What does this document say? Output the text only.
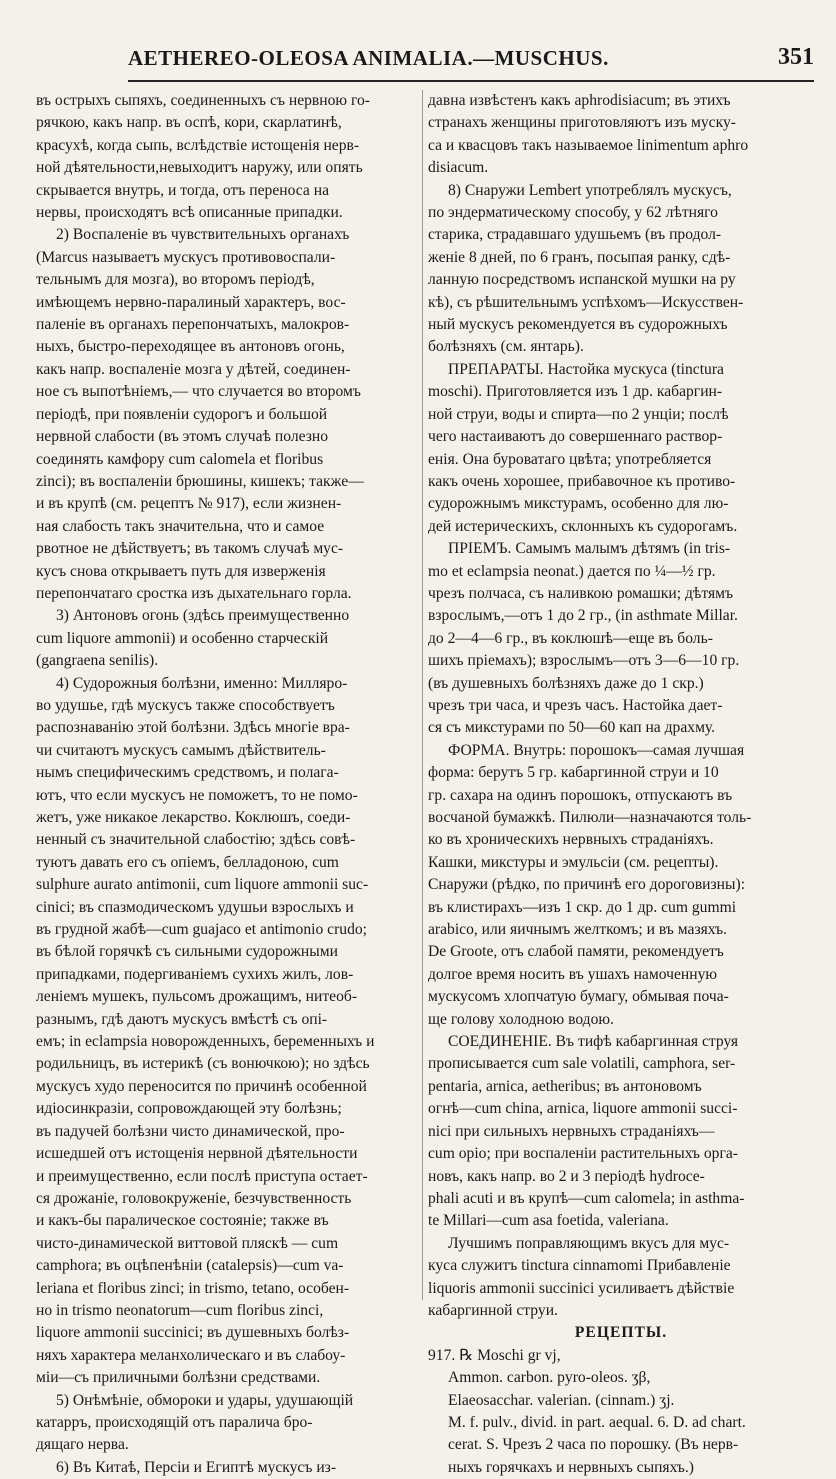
AETHEREO-OLEOSA ANIMALIA.—MUSCHUS.	351
въ острыхъ сыпяхъ, соединенныхъ съ нервною го-
рячкою, какъ напр. въ оспѣ, кори, скарлатинѣ,
красухѣ, когда сыпь, вслѣдствіе истощенія нерв-
ной дѣятельности,невыходитъ наружу, или опять
скрывается внутрь, и тогда, отъ переноса на
нервы, происходятъ всѣ описанные припадки.
2) Воспаленіе въ чувствительныхъ органахъ
(Marcus называетъ мускусъ противовоспали-
тельнымъ для мозга), во второмъ періодѣ,
имѣющемъ нервно-паралиный характеръ, вос-
паленіе въ органахъ перепончатыхъ, малокров-
ныхъ, быстро-переходящее въ антоновъ огонь,
какъ напр. воспаленіе мозга у дѣтей, соединен-
ное съ выпотѣніемъ,— что случается во второмъ
періодѣ, при появленіи судорогъ и большой
нервной слабости (въ этомъ случаѣ полезно
соединять камфору cum calomela et floribus
zinci); въ воспаленіи брюшины, кишекъ; также—
и въ крупѣ (см. рецептъ № 917), если жизнен-
ная слабость такъ значительна, что и самое
рвотное не дѣйствуетъ; въ такомъ случаѣ мус-
кусъ снова открываетъ путь для изверженія
перепончатаго сростка изъ дыхательнаго горла.
3) Антоновъ огонь (здѣсь преимущественно
cum liquore ammonii) и особенно старческій
(gangraena senilis).
4) Судорожныя болѣзни, именно: Милляро-
во удушье, гдѣ мускусъ также способствуетъ
распознаванію этой болѣзни. Здѣсь многіе вра-
чи считаютъ мускусъ самымъ дѣйствитель-
нымъ специфическимъ средствомъ, и полага-
ютъ, что если мускусъ не поможетъ, то не помо-
жетъ, уже никакое лекарство. Коклюшъ, соеди-
ненный съ значительной слабостію; здѣсь совѣ-
туютъ давать его съ опіемъ, белладоною, cum
sulphure aurato antimonii, cum liquore ammonii suc-
cinici; въ спазмодическомъ удушьи взрослыхъ и
въ грудной жабѣ—cum guajaco et antimonio crudo;
въ бѣлой горячкѣ съ сильными судорожными
припадками, подергиваніемъ сухихъ жилъ, лов-
леніемъ мушекъ, пульсомъ дрожащимъ, нитеоб-
разнымъ, гдѣ даютъ мускусъ вмѣстѣ съ опі-
емъ; in eclampsia новорожденныхъ, беременныхъ и
родильницъ, въ истерикѣ (съ вонючкою); но здѣсь
мускусъ худо переносится по причинѣ особенной
идіосинкразіи, сопровождающей эту болѣзнь;
въ падучей болѣзни чисто динамической, про-
исшедшей отъ истощенія нервной дѣятельности
и преимущественно, если послѣ приступа остает-
ся дрожаніе, головокруженіе, безчувственность
и какъ-бы паралическое состояніе; также въ
чисто-динамической виттовой пляскѣ — cum
camphora; въ оцѣпенѣніи (catalepsis)—cum va-
leriana et floribus zinci; in trismo, tetano, особен-
но in trismo neonatorum—cum floribus zinci,
liquore ammonii succinici; въ душевныхъ болѣз-
няхъ характера меланхолическаго и въ слабоу-
міи—съ приличными болѣзни средствами.
5) Онѣмѣніе, обмороки и удары, удушающій
катарръ, происходящій отъ паралича бро-
дящаго нерва.
6) Въ Китаѣ, Персіи и Египтѣ мускусъ из-
давна извѣстенъ какъ aphrodisiacum; въ этихъ
странахъ женщины приготовляютъ изъ муску-
са и квасцовъ такъ называемое linimentum aphro
disiacum.
8) Снаружи Lembert употреблялъ мускусъ,
по эндерматическому способу, у 62 лѣтняго
старика, страдавшаго удушьемъ (въ продол-
женіе 8 дней, по 6 гранъ, посыпая ранку, сдѣ-
ланную посредствомъ испанской мушки на ру
кѣ), съ рѣшительнымъ успѣхомъ—Искусствен-
ный мускусъ рекомендуется въ судорожныхъ
болѣзняхъ (см. янтарь).
ПРЕПАРАТЫ. Настойка мускуса (tinctura
moschi). Приготовляется изъ 1 др. кабаргин-
ной струи, воды и спирта—по 2 унціи; послѣ
чего настаиваютъ до совершеннаго раствор-
енія. Она буроватаго цвѣта; употребляется
какъ очень хорошее, прибавочное къ противо-
судорожнымъ микстурамъ, особенно для лю-
дей истерическихъ, склонныхъ къ судорогамъ.
ПРІЕМЪ. Самымъ малымъ дѣтямъ (in tris-
mo et eclampsia neonat.) дается по ¼—½ гр.
чрезъ полчаса, съ наливкою ромашки; дѣтямъ
взрослымъ,—отъ 1 до 2 гр., (in asthmate Millar.
до 2—4—6 гр., въ коклюшѣ—еще въ боль-
шихъ пріемахъ); взрослымъ—отъ 3—6—10 гр.
(въ душевныхъ болѣзняхъ даже до 1 скр.)
чрезъ три часа, и чрезъ часъ. Настойка дает-
ся съ микстурами по 50—60 кап на драхму.
ФОРМА. Внутрь: порошокъ—самая лучшая
форма: берутъ 5 гр. кабаргинной струи и 10
гр. сахара на одинъ порошокъ, отпускаютъ въ
восчаной бумажкѣ. Пилюли—назначаются толь-
ко въ хроническихъ нервныхъ страданіяхъ.
Кашки, микстуры и эмульсіи (см. рецепты).
Снаружи (рѣдко, по причинѣ его дороговизны):
въ клистирахъ—изъ 1 скр. до 1 др. cum gummi
arabico, или яичнымъ желткомъ; и въ мазяхъ.
De Groote, отъ слабой памяти, рекомендуетъ
долгое время носить въ ушахъ намоченную
мускусомъ хлопчатую бумагу, обмывая поча-
ще голову холодною водою.
СОЕДИНЕНІЕ. Въ тифѣ кабаргинная струя
прописывается cum sale volatili, camphora, ser-
pentaria, arnica, aetheribus; въ антоновомъ
огнѣ—cum china, arnica, liquore ammonii succi-
nici при сильныхъ нервныхъ страданіяхъ—
cum opio; при воспаленіи растительныхъ орга-
новъ, какъ напр. во 2 и 3 періодѣ hydroce-
phali acuti и въ крупѣ—cum calomela; in asthma-
te Millari—cum asa foetida, valeriana.
Лучшимъ поправляющимъ вкусъ для мус-
куса служитъ tinctura cinnamomi Прибавленіе
liquoris ammonii succinici усиливаетъ дѣйствіе
кабаргинной струи.
РЕЦЕПТЫ.
917. ℞ Moschi gr vj,
Ammon. carbon. pyro-oleos. ʒβ,
Elaeosacchar. valerian. (cinnam.) ʒj.
M. f. pulv., divid. in part. aequal. 6. D. ad chart.
cerat. S. Чрезъ 2 часа по порошку. (Въ нерв-
ныхъ горячкахъ и нервныхъ сыпяхъ.)
